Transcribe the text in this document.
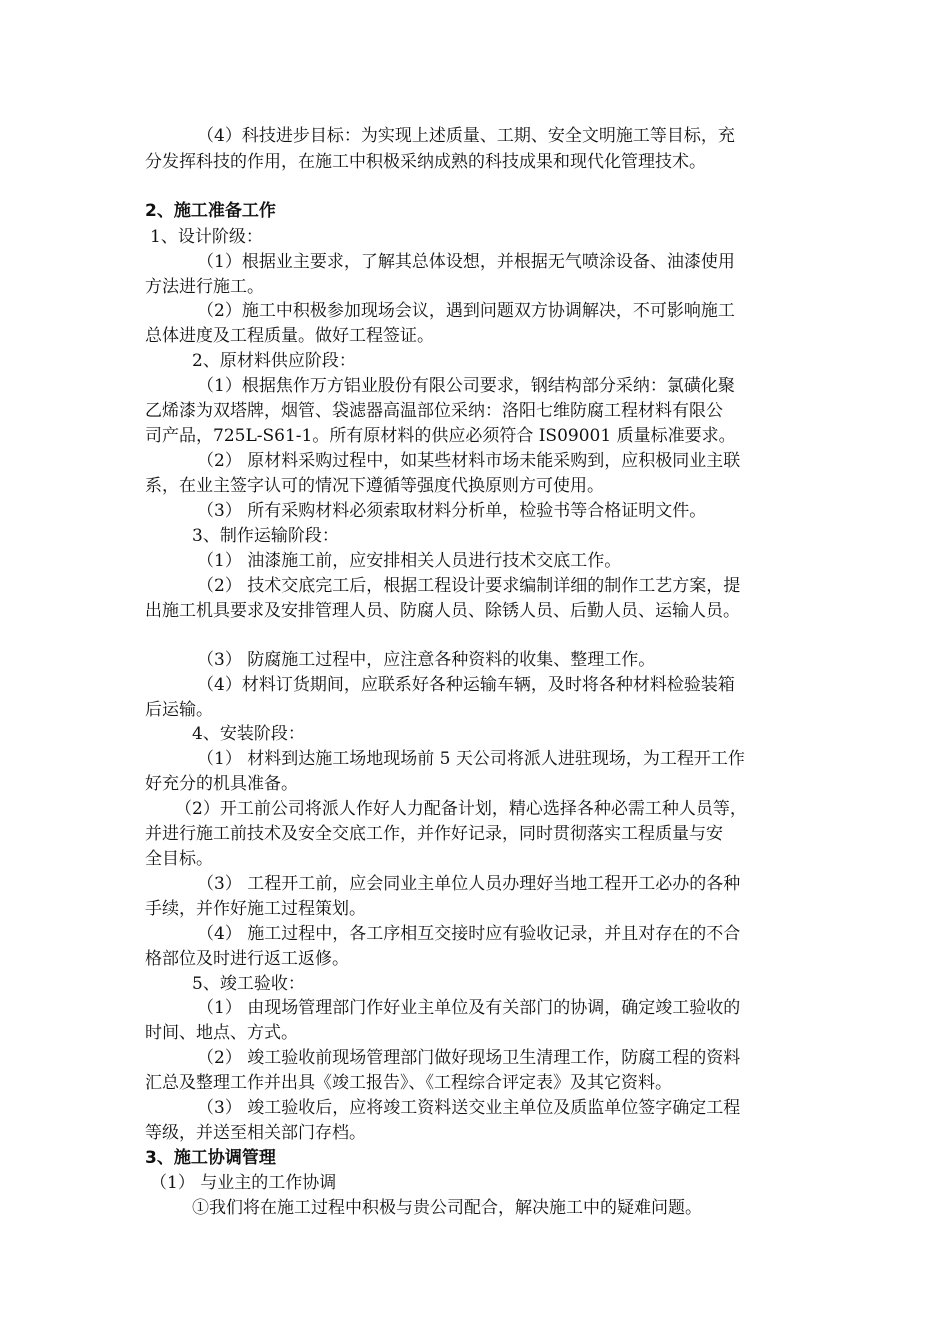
（4）科技进步目标：为实现上述质量、工期、安全文明施工等目标，充
分发挥科技的作用，在施工中积极采纳成熟的科技成果和现代化管理技术。
2、施工准备工作
1、设计阶级：
（1）根据业主要求，了解其总体设想，并根据无气喷涂设备、油漆使用
方法进行施工。
（2）施工中积极参加现场会议，遇到问题双方协调解决，不可影响施工
总体进度及工程质量。做好工程签证。
2、原材料供应阶段：
（1）根据焦作万方铝业股份有限公司要求，钢结构部分采纳：氯磺化聚
乙烯漆为双塔牌，烟管、袋滤器高温部位采纳：洛阳七维防腐工程材料有限公
司产品，725L-S61-1。所有原材料的供应必须符合 IS09001 质量标准要求。
（2） 原材料采购过程中，如某些材料市场未能采购到，应积极同业主联
系，在业主签字认可的情况下遵循等强度代换原则方可使用。
（3） 所有采购材料必须索取材料分析单，检验书等合格证明文件。
3、制作运输阶段：
（1） 油漆施工前，应安排相关人员进行技术交底工作。
（2） 技术交底完工后，根据工程设计要求编制详细的制作工艺方案，提
出施工机具要求及安排管理人员、防腐人员、除锈人员、后勤人员、运输人员。
（3） 防腐施工过程中，应注意各种资料的收集、整理工作。
（4）材料订货期间，应联系好各种运输车辆，及时将各种材料检验装箱
后运输。
4、安装阶段：
（1） 材料到达施工场地现场前 5 天公司将派人进驻现场，为工程开工作
好充分的机具准备。
（2）开工前公司将派人作好人力配备计划，精心选择各种必需工种人员等，
并进行施工前技术及安全交底工作，并作好记录，同时贯彻落实工程质量与安
全目标。
（3） 工程开工前，应会同业主单位人员办理好当地工程开工必办的各种
手续，并作好施工过程策划。
（4） 施工过程中，各工序相互交接时应有验收记录，并且对存在的不合
格部位及时进行返工返修。
5、竣工验收：
（1） 由现场管理部门作好业主单位及有关部门的协调，确定竣工验收的
时间、地点、方式。
（2） 竣工验收前现场管理部门做好现场卫生清理工作，防腐工程的资料
汇总及整理工作并出具《竣工报告》、《工程综合评定表》及其它资料。
（3） 竣工验收后，应将竣工资料送交业主单位及质监单位签字确定工程
等级，并送至相关部门存档。
3、施工协调管理
（1） 与业主的工作协调
①我们将在施工过程中积极与贵公司配合，解决施工中的疑难问题。
